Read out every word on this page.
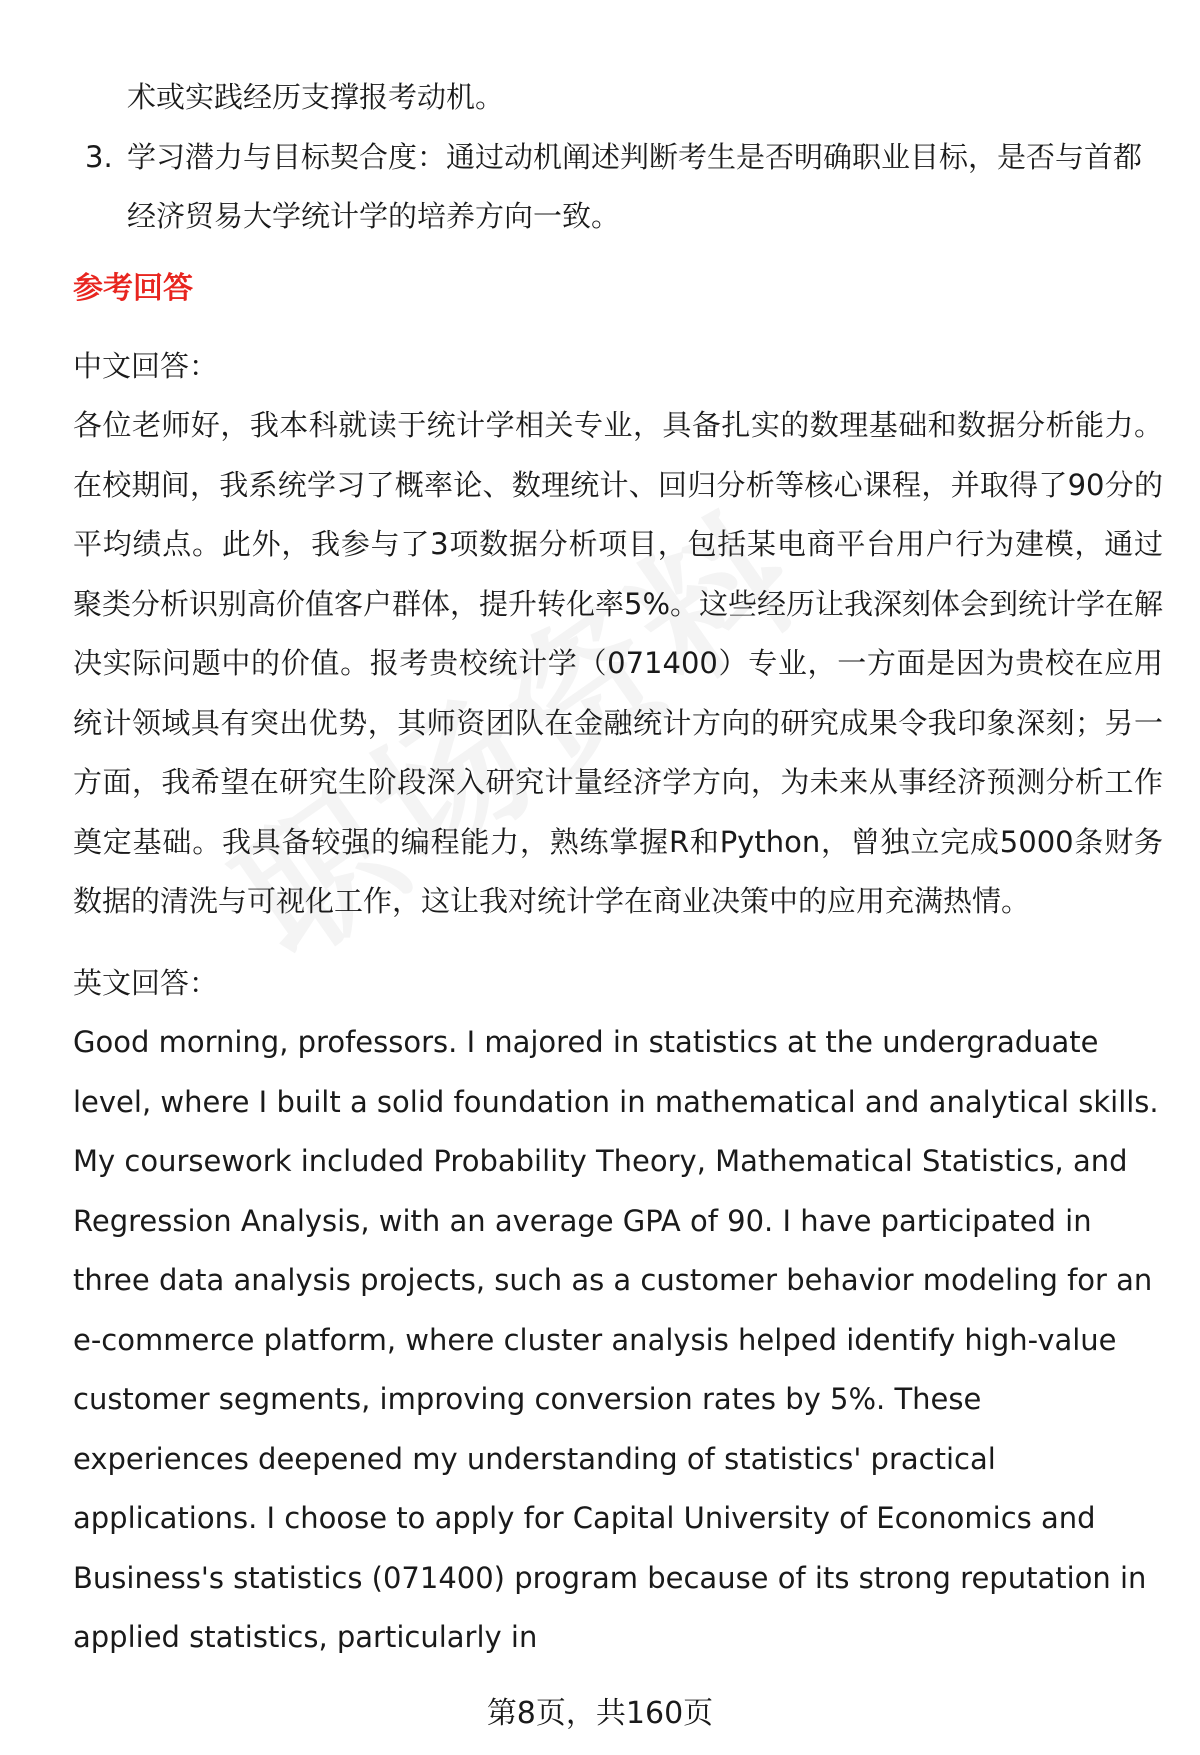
术或实践经历支撑报考动机。
3. 学习潜力与目标契合度：通过动机阐述判断考生是否明确职业目标，是否与首都经济贸易大学统计学的培养方向一致。
参考回答
中文回答：
各位老师好，我本科就读于统计学相关专业，具备扎实的数理基础和数据分析能力。在校期间，我系统学习了概率论、数理统计、回归分析等核心课程，并取得了90分的平均绩点。此外，我参与了3项数据分析项目，包括某电商平台用户行为建模，通过聚类分析识别高价值客户群体，提升转化率5%。这些经历让我深刻体会到统计学在解决实际问题中的价值。报考贵校统计学（071400）专业，一方面是因为贵校在应用统计领域具有突出优势，其师资团队在金融统计方向的研究成果令我印象深刻；另一方面，我希望在研究生阶段深入研究计量经济学方向，为未来从事经济预测分析工作奠定基础。我具备较强的编程能力，熟练掌握R和Python，曾独立完成5000条财务数据的清洗与可视化工作，这让我对统计学在商业决策中的应用充满热情。
英文回答：
Good morning, professors. I majored in statistics at the undergraduate level, where I built a solid foundation in mathematical and analytical skills. My coursework included Probability Theory, Mathematical Statistics, and Regression Analysis, with an average GPA of 90. I have participated in three data analysis projects, such as a customer behavior modeling for an e-commerce platform, where cluster analysis helped identify high-value customer segments, improving conversion rates by 5%. These experiences deepened my understanding of statistics' practical applications. I choose to apply for Capital University of Economics and Business's statistics (071400) program because of its strong reputation in applied statistics, particularly in
第8页，共160页
